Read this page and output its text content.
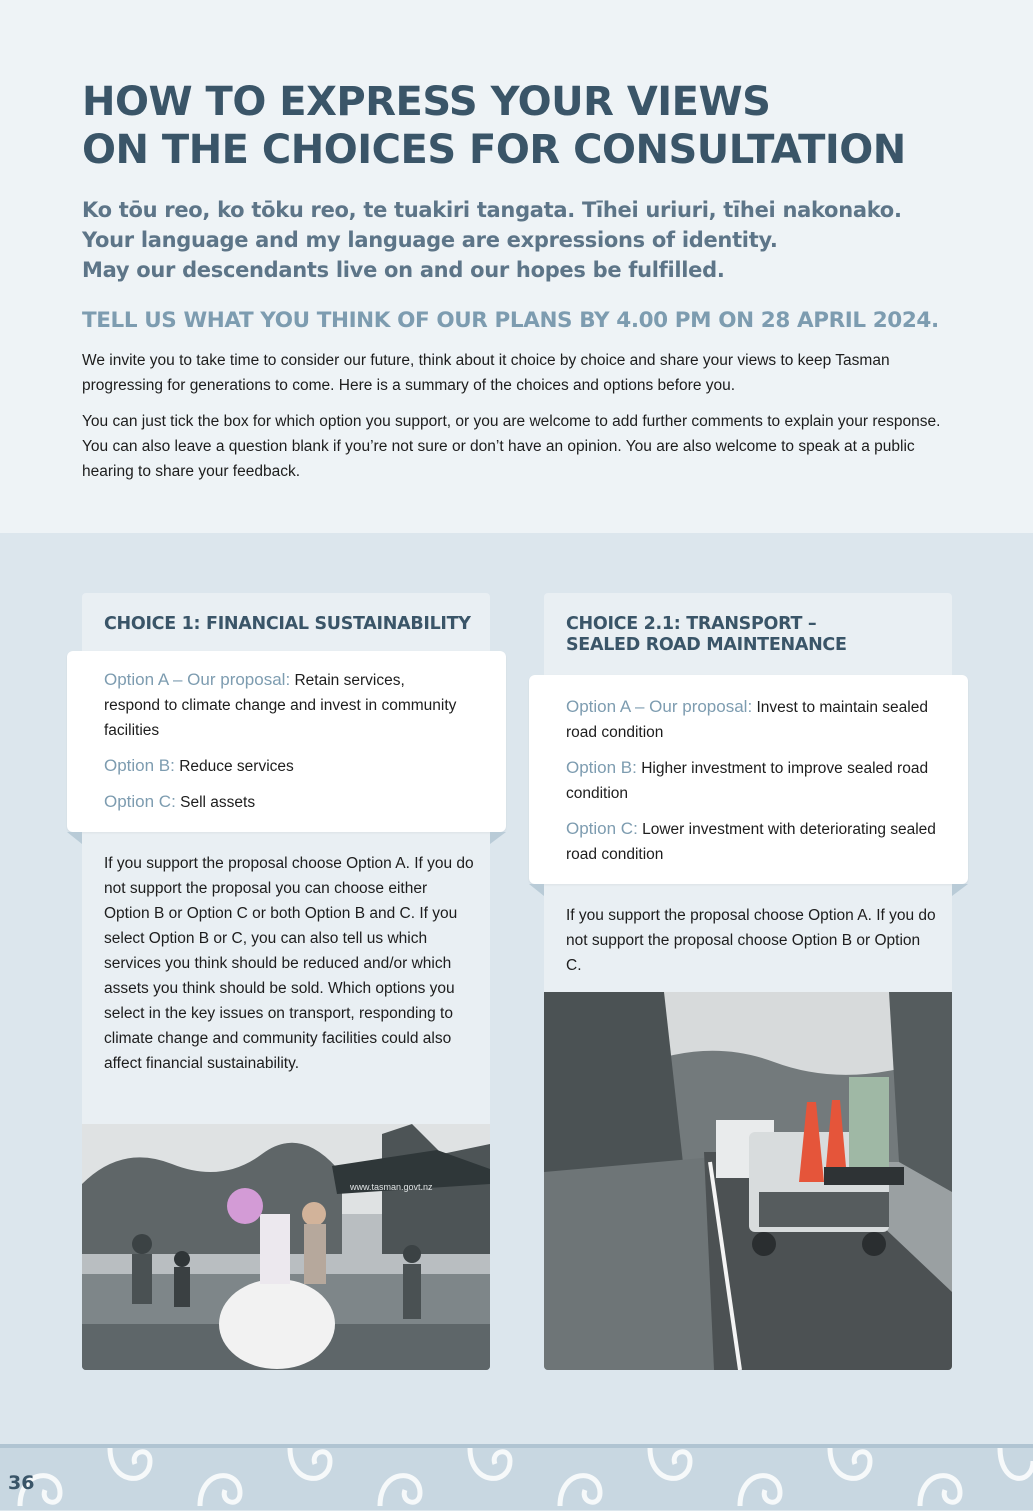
HOW TO EXPRESS YOUR VIEWS
ON THE CHOICES FOR CONSULTATION
Ko tōu reo, ko tōku reo, te tuakiri tangata. Tīhei uriuri, tīhei nakonako.
Your language and my language are expressions of identity.
May our descendants live on and our hopes be fulfilled.
TELL US WHAT YOU THINK OF OUR PLANS BY 4.00 PM ON 28 APRIL 2024.

We invite you to take time to consider our future, think about it choice by choice and share your views to keep Tasman progressing for generations to come. Here is a summary of the choices and options before you.

You can just tick the box for which option you support, or you are welcome to add further comments to explain your response. You can also leave a question blank if you’re not sure or don’t have an opinion. You are also welcome to speak at a public hearing to share your feedback.

CHOICE 1: FINANCIAL SUSTAINABILITY

Option A – Our proposal: Retain services, respond to climate change and invest in community facilities

Option B: Reduce services

Option C: Sell assets

If you support the proposal choose Option A. If you do not support the proposal you can choose either Option B or Option C or both Option B and C. If you select Option B or C, you can also tell us which services you think should be reduced and/or which assets you think should be sold. Which options you select in the key issues on transport, responding to climate change and community facilities could also affect financial sustainability.

www.tasman.govt.nz
CHOICE 2.1: TRANSPORT –
SEALED ROAD MAINTENANCE

Option A – Our proposal: Invest to maintain sealed road condition

Option B: Higher investment to improve sealed road condition

Option C: Lower investment with deteriorating sealed road condition

If you support the proposal choose Option A. If you do not support the proposal choose Option B or Option C.

36
